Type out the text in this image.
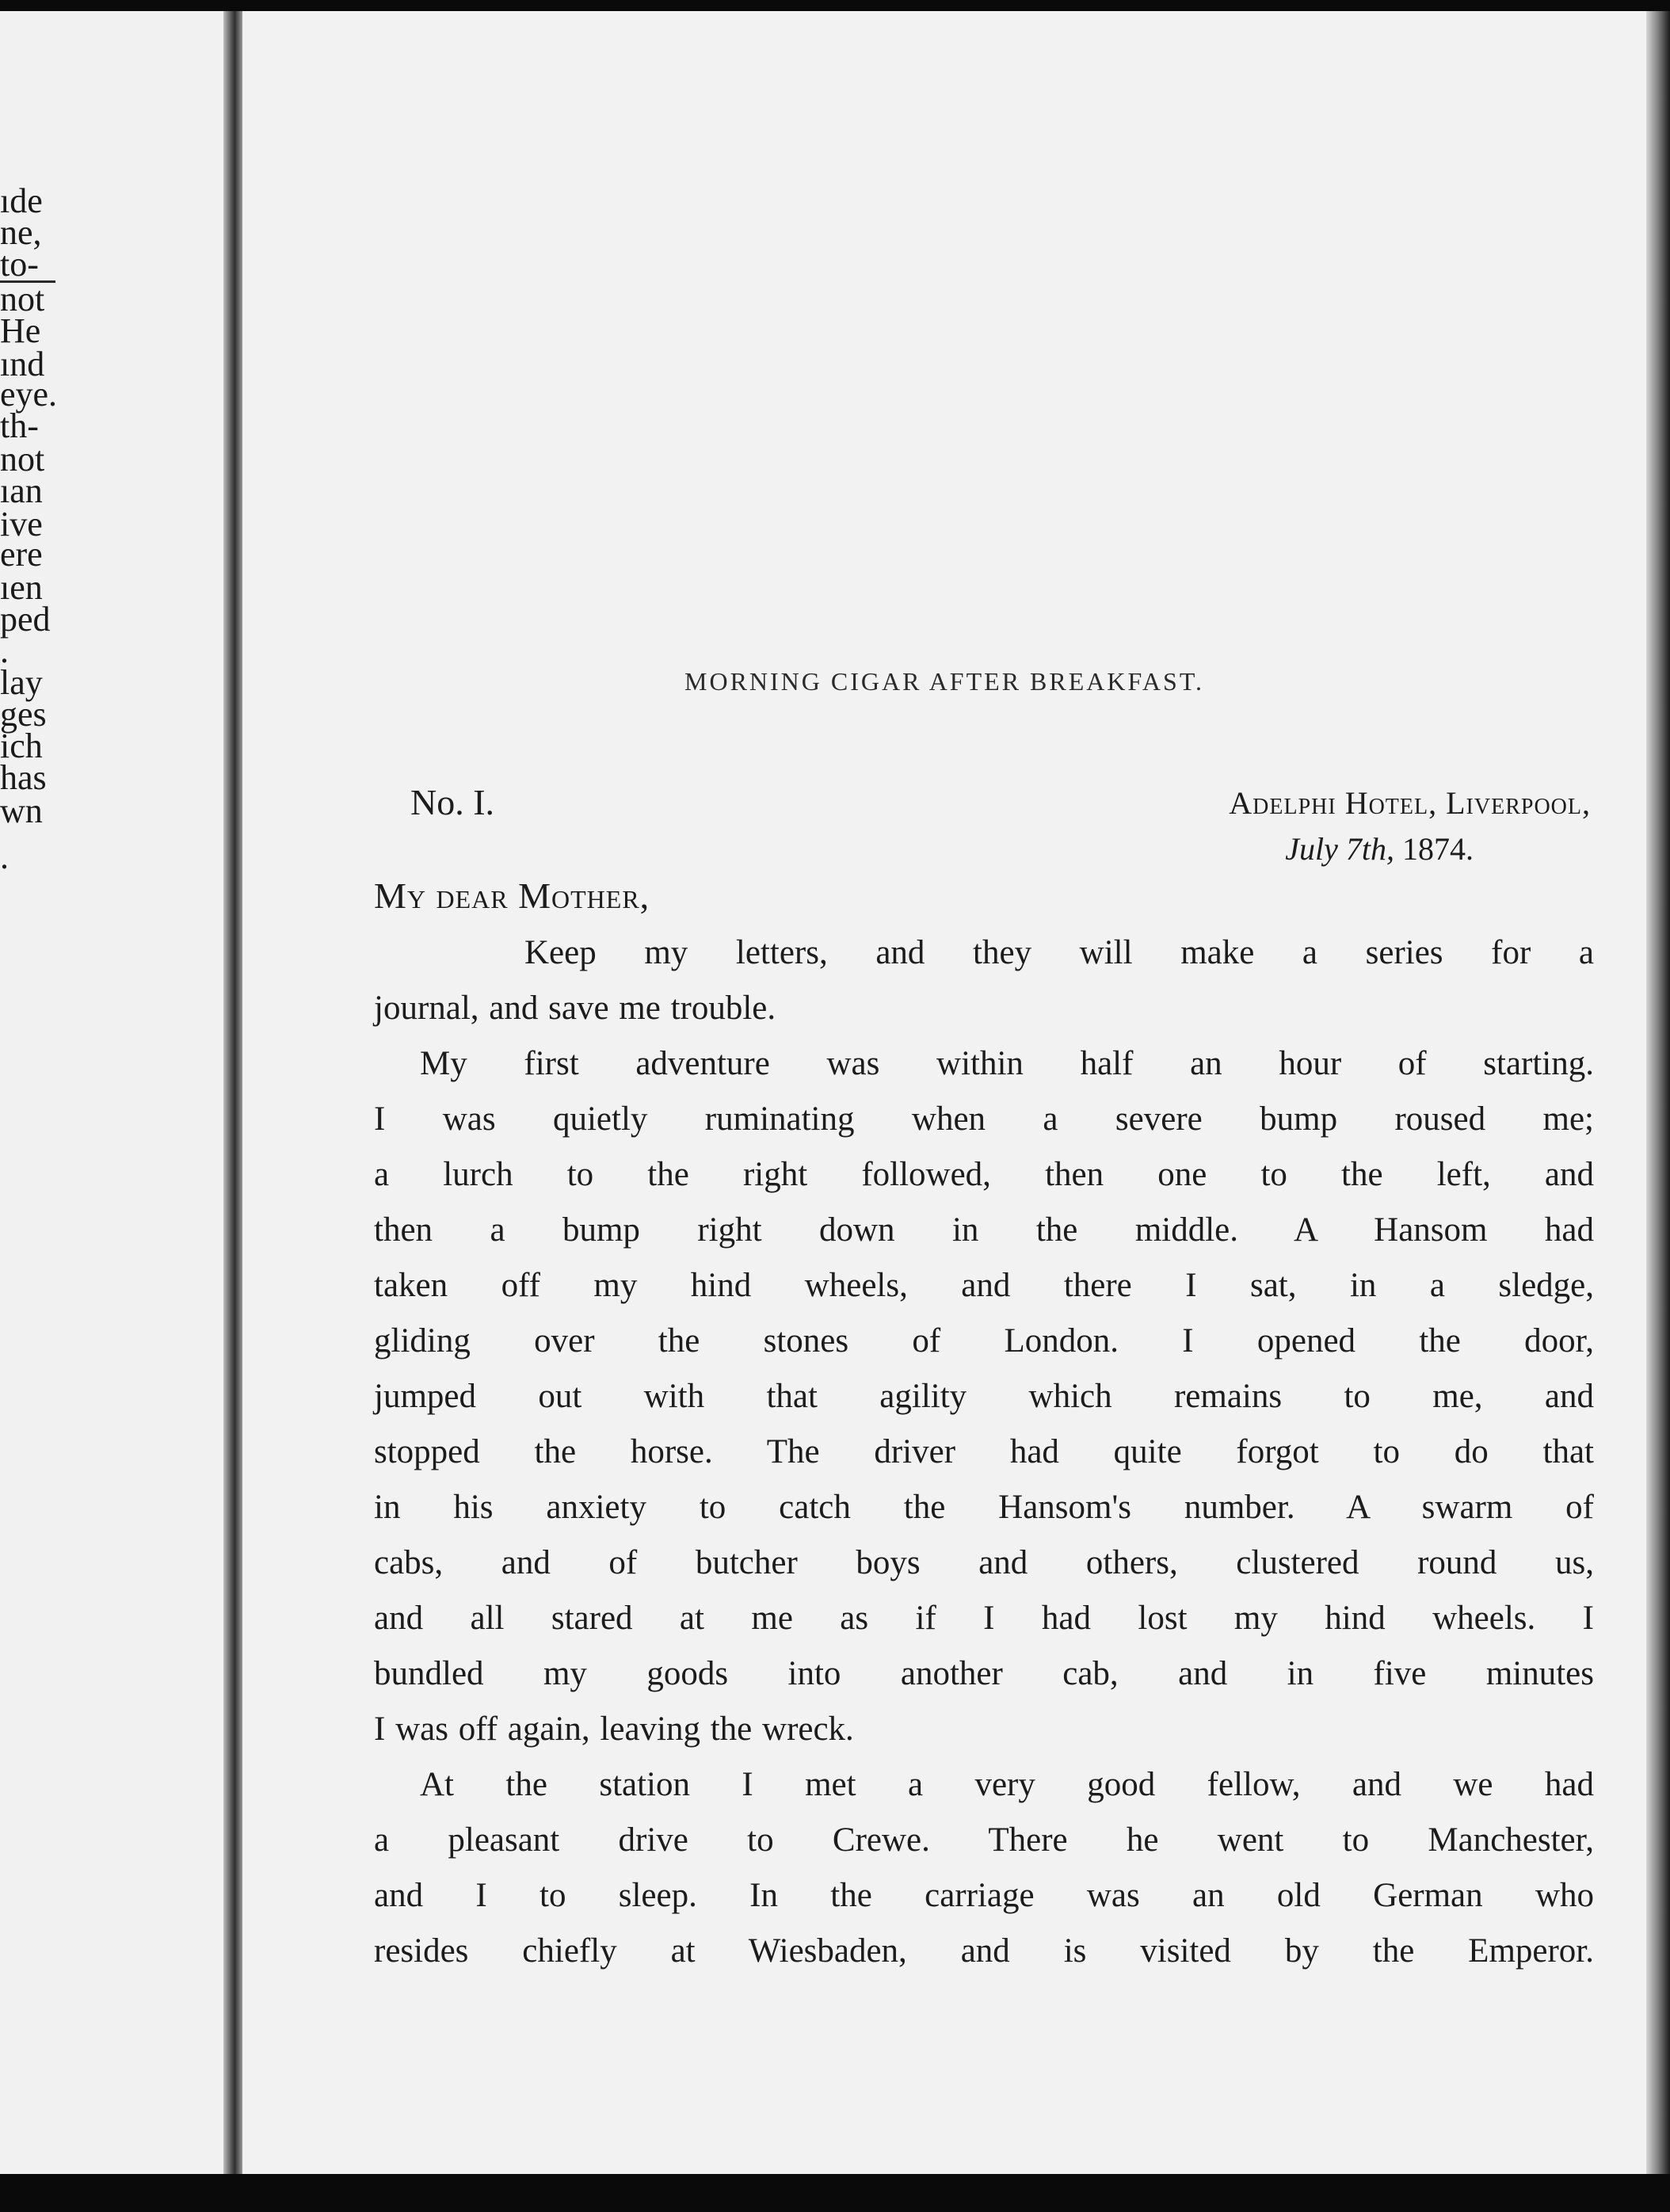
ıde
ne,
to-
not
He
ınd
eye.
th-
not
ıan
ive
ere
ıen
ped
.
lay
ges
ich
has
wn
.
MORNING CIGAR AFTER BREAKFAST.
No. I.	Adelphi Hotel, Liverpool,
July 7th, 1874.
My dear Mother,
Keep my letters, and they will make a series for a
journal, and save me trouble.
My first adventure was within half an hour of starting.
I was quietly ruminating when a severe bump roused me;
a lurch to the right followed, then one to the left, and
then a bump right down in the middle. A Hansom had
taken off my hind wheels, and there I sat, in a sledge,
gliding over the stones of London. I opened the door,
jumped out with that agility which remains to me, and
stopped the horse. The driver had quite forgot to do that
in his anxiety to catch the Hansom's number. A swarm of
cabs, and of butcher boys and others, clustered round us,
and all stared at me as if I had lost my hind wheels. I
bundled my goods into another cab, and in five minutes
I was off again, leaving the wreck.
At the station I met a very good fellow, and we had
a pleasant drive to Crewe. There he went to Manchester,
and I to sleep. In the carriage was an old German who
resides chiefly at Wiesbaden, and is visited by the Emperor.
